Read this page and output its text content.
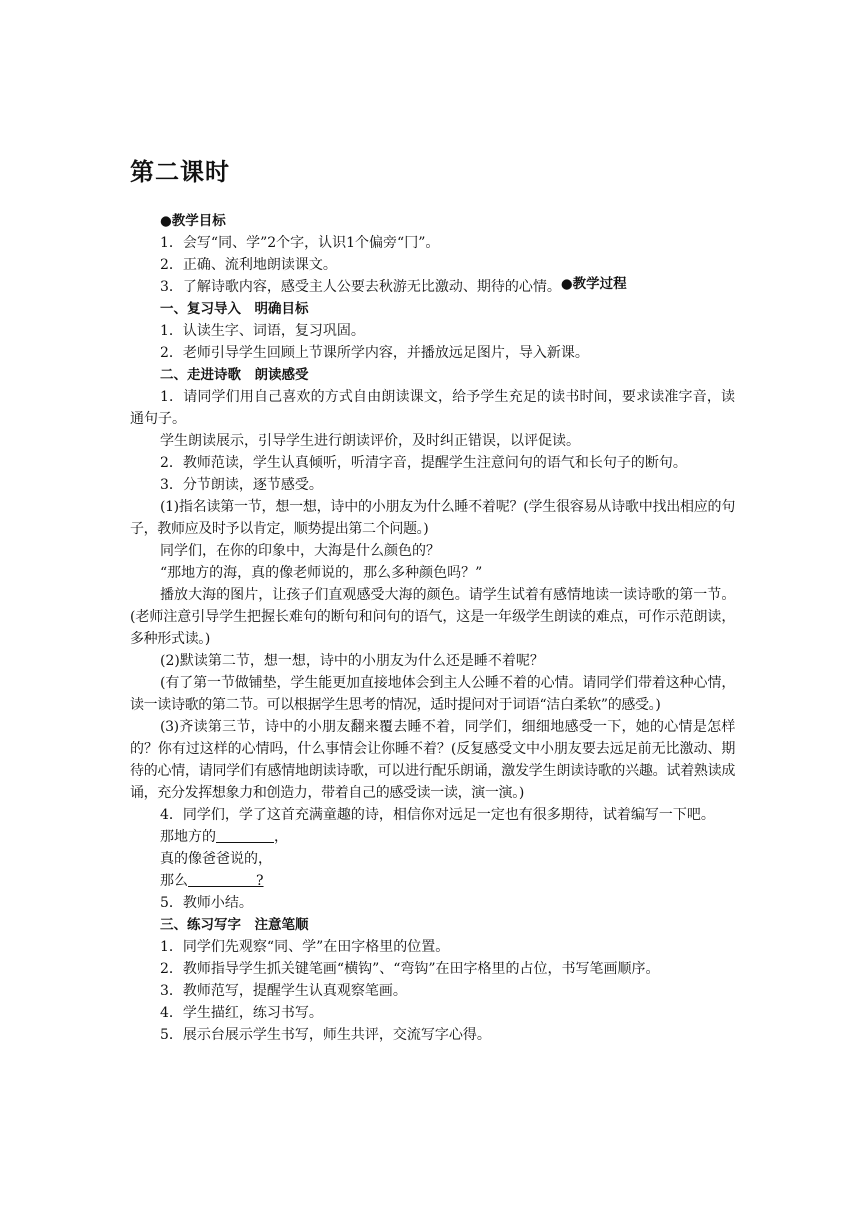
第二课时
●教学目标
1．会写“同、学”2个字，认识1个偏旁“冂”。
2．正确、流利地朗读课文。
3．了解诗歌内容，感受主人公要去秋游无比激动、期待的心情。●教学过程
一、复习导入　明确目标
1．认读生字、词语，复习巩固。
2．老师引导学生回顾上节课所学内容，并播放远足图片，导入新课。
二、走进诗歌　朗读感受
1．请同学们用自己喜欢的方式自由朗读课文，给予学生充足的读书时间，要求读准字音，读通句子。
学生朗读展示，引导学生进行朗读评价，及时纠正错误，以评促读。
2．教师范读，学生认真倾听，听清字音，提醒学生注意问句的语气和长句子的断句。
3．分节朗读，逐节感受。
(1)指名读第一节，想一想，诗中的小朋友为什么睡不着呢？(学生很容易从诗歌中找出相应的句子，教师应及时予以肯定，顺势提出第二个问题。)
同学们，在你的印象中，大海是什么颜色的？
“那地方的海，真的像老师说的，那么多种颜色吗？”
播放大海的图片，让孩子们直观感受大海的颜色。请学生试着有感情地读一读诗歌的第一节。(老师注意引导学生把握长难句的断句和问句的语气，这是一年级学生朗读的难点，可作示范朗读，多种形式读。)
(2)默读第二节，想一想，诗中的小朋友为什么还是睡不着呢？
(有了第一节做铺垫，学生能更加直接地体会到主人公睡不着的心情。请同学们带着这种心情，读一读诗歌的第二节。可以根据学生思考的情况，适时提问对于词语“洁白柔软”的感受。)
(3)齐读第三节，诗中的小朋友翻来覆去睡不着，同学们，细细地感受一下，她的心情是怎样的？你有过这样的心情吗，什么事情会让你睡不着？(反复感受文中小朋友要去远足前无比激动、期待的心情，请同学们有感情地朗读诗歌，可以进行配乐朗诵，激发学生朗读诗歌的兴趣。试着熟读成诵，充分发挥想象力和创造力，带着自己的感受读一读，演一演。)
4．同学们，学了这首充满童趣的诗，相信你对远足一定也有很多期待，试着编写一下吧。
那地方的	，
真的像爸爸说的，
那么	?
5．教师小结。
三、练习写字　注意笔顺
1．同学们先观察“同、学”在田字格里的位置。
2．教师指导学生抓关键笔画“横钩”、“弯钩”在田字格里的占位，书写笔画顺序。
3．教师范写，提醒学生认真观察笔画。
4．学生描红，练习书写。
5．展示台展示学生书写，师生共评，交流写字心得。
